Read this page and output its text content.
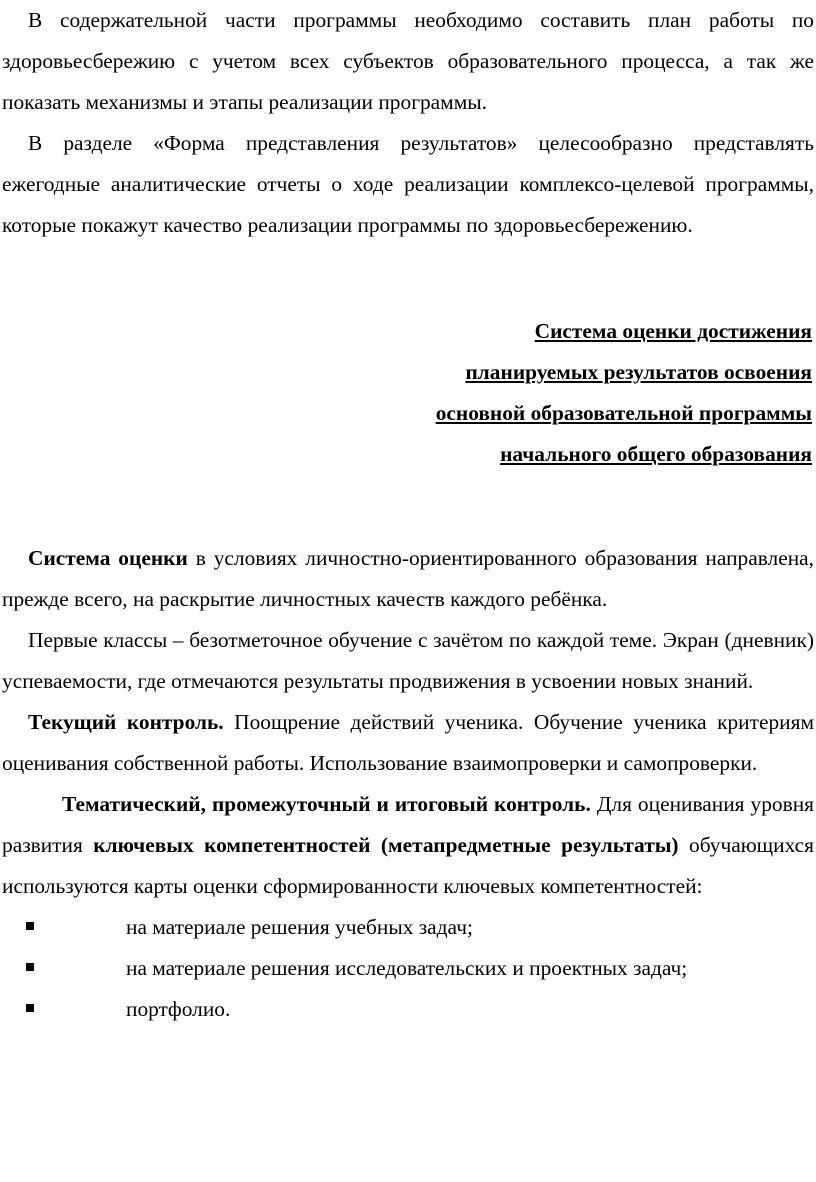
В содержательной части программы необходимо составить план работы по здоровьесбережию с учетом всех субъектов образовательного процесса, а так же показать механизмы и этапы реализации программы.

В разделе «Форма представления результатов» целесообразно представлять ежегодные аналитические отчеты о ходе реализации комплексо-целевой программы, которые покажут качество реализации программы по здоровьесбережению.

Система оценки достижения

планируемых результатов освоения

основной образовательной программы

начального общего образования

Система оценки в условиях личностно-ориентированного образования направлена, прежде всего, на раскрытие личностных качеств каждого ребёнка.

Первые классы – безотметочное обучение с зачётом по каждой теме. Экран (дневник) успеваемости, где отмечаются результаты продвижения в усвоении новых знаний.

Текущий контроль. Поощрение действий ученика. Обучение ученика критериям оценивания собственной работы. Использование взаимопроверки и самопроверки.

Тематический, промежуточный и итоговый контроль. Для оценивания уровня развития ключевых компетентностей (метапредметные результаты) обучающихся используются карты оценки сформированности ключевых компетентностей:

на материале решения учебных задач;
на материале решения исследовательских и проектных задач;
портфолио.
